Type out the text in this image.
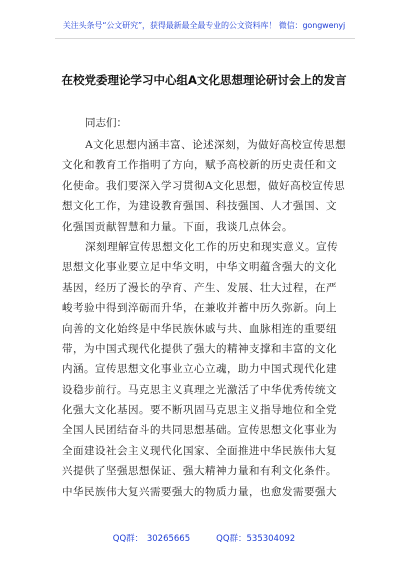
关注头条号“公文研究”，获得最新最全最专业的公文资料库！ 微信：gongwenyj
在校党委理论学习中心组A文化思想理论研讨会上的发言
同志们：
A文化思想内涵丰富、论述深刻，为做好高校宣传思想
文化和教育工作指明了方向，赋予高校新的历史责任和文
化使命。我们要深入学习贯彻A文化思想，做好高校宣传思
想文化工作，为建设教育强国、科技强国、人才强国、文
化强国贡献智慧和力量。下面，我谈几点体会。
深刻理解宣传思想文化工作的历史和现实意义。宣传
思想文化事业要立足中华文明，中华文明蕴含强大的文化
基因，经历了漫长的孕育、产生、发展、壮大过程，在严
峻考验中得到淬砺而升华，在兼收并蓄中历久弥新。向上
向善的文化始终是中华民族休戚与共、血脉相连的重要纽
带，为中国式现代化提供了强大的精神支撑和丰富的文化
内涵。宣传思想文化事业立心立魂，助力中国式现代化建
设稳步前行。马克思主义真理之光激活了中华优秀传统文
化强大文化基因。要不断巩固马克思主义指导地位和全党
全国人民团结奋斗的共同思想基础。宣传思想文化事业为
全面建设社会主义现代化国家、全面推进中华民族伟大复
兴提供了坚强思想保证、强大精神力量和有利文化条件。
中华民族伟大复兴需要强大的物质力量，也愈发需要强大
QQ群： 30265665	QQ群：535304092
